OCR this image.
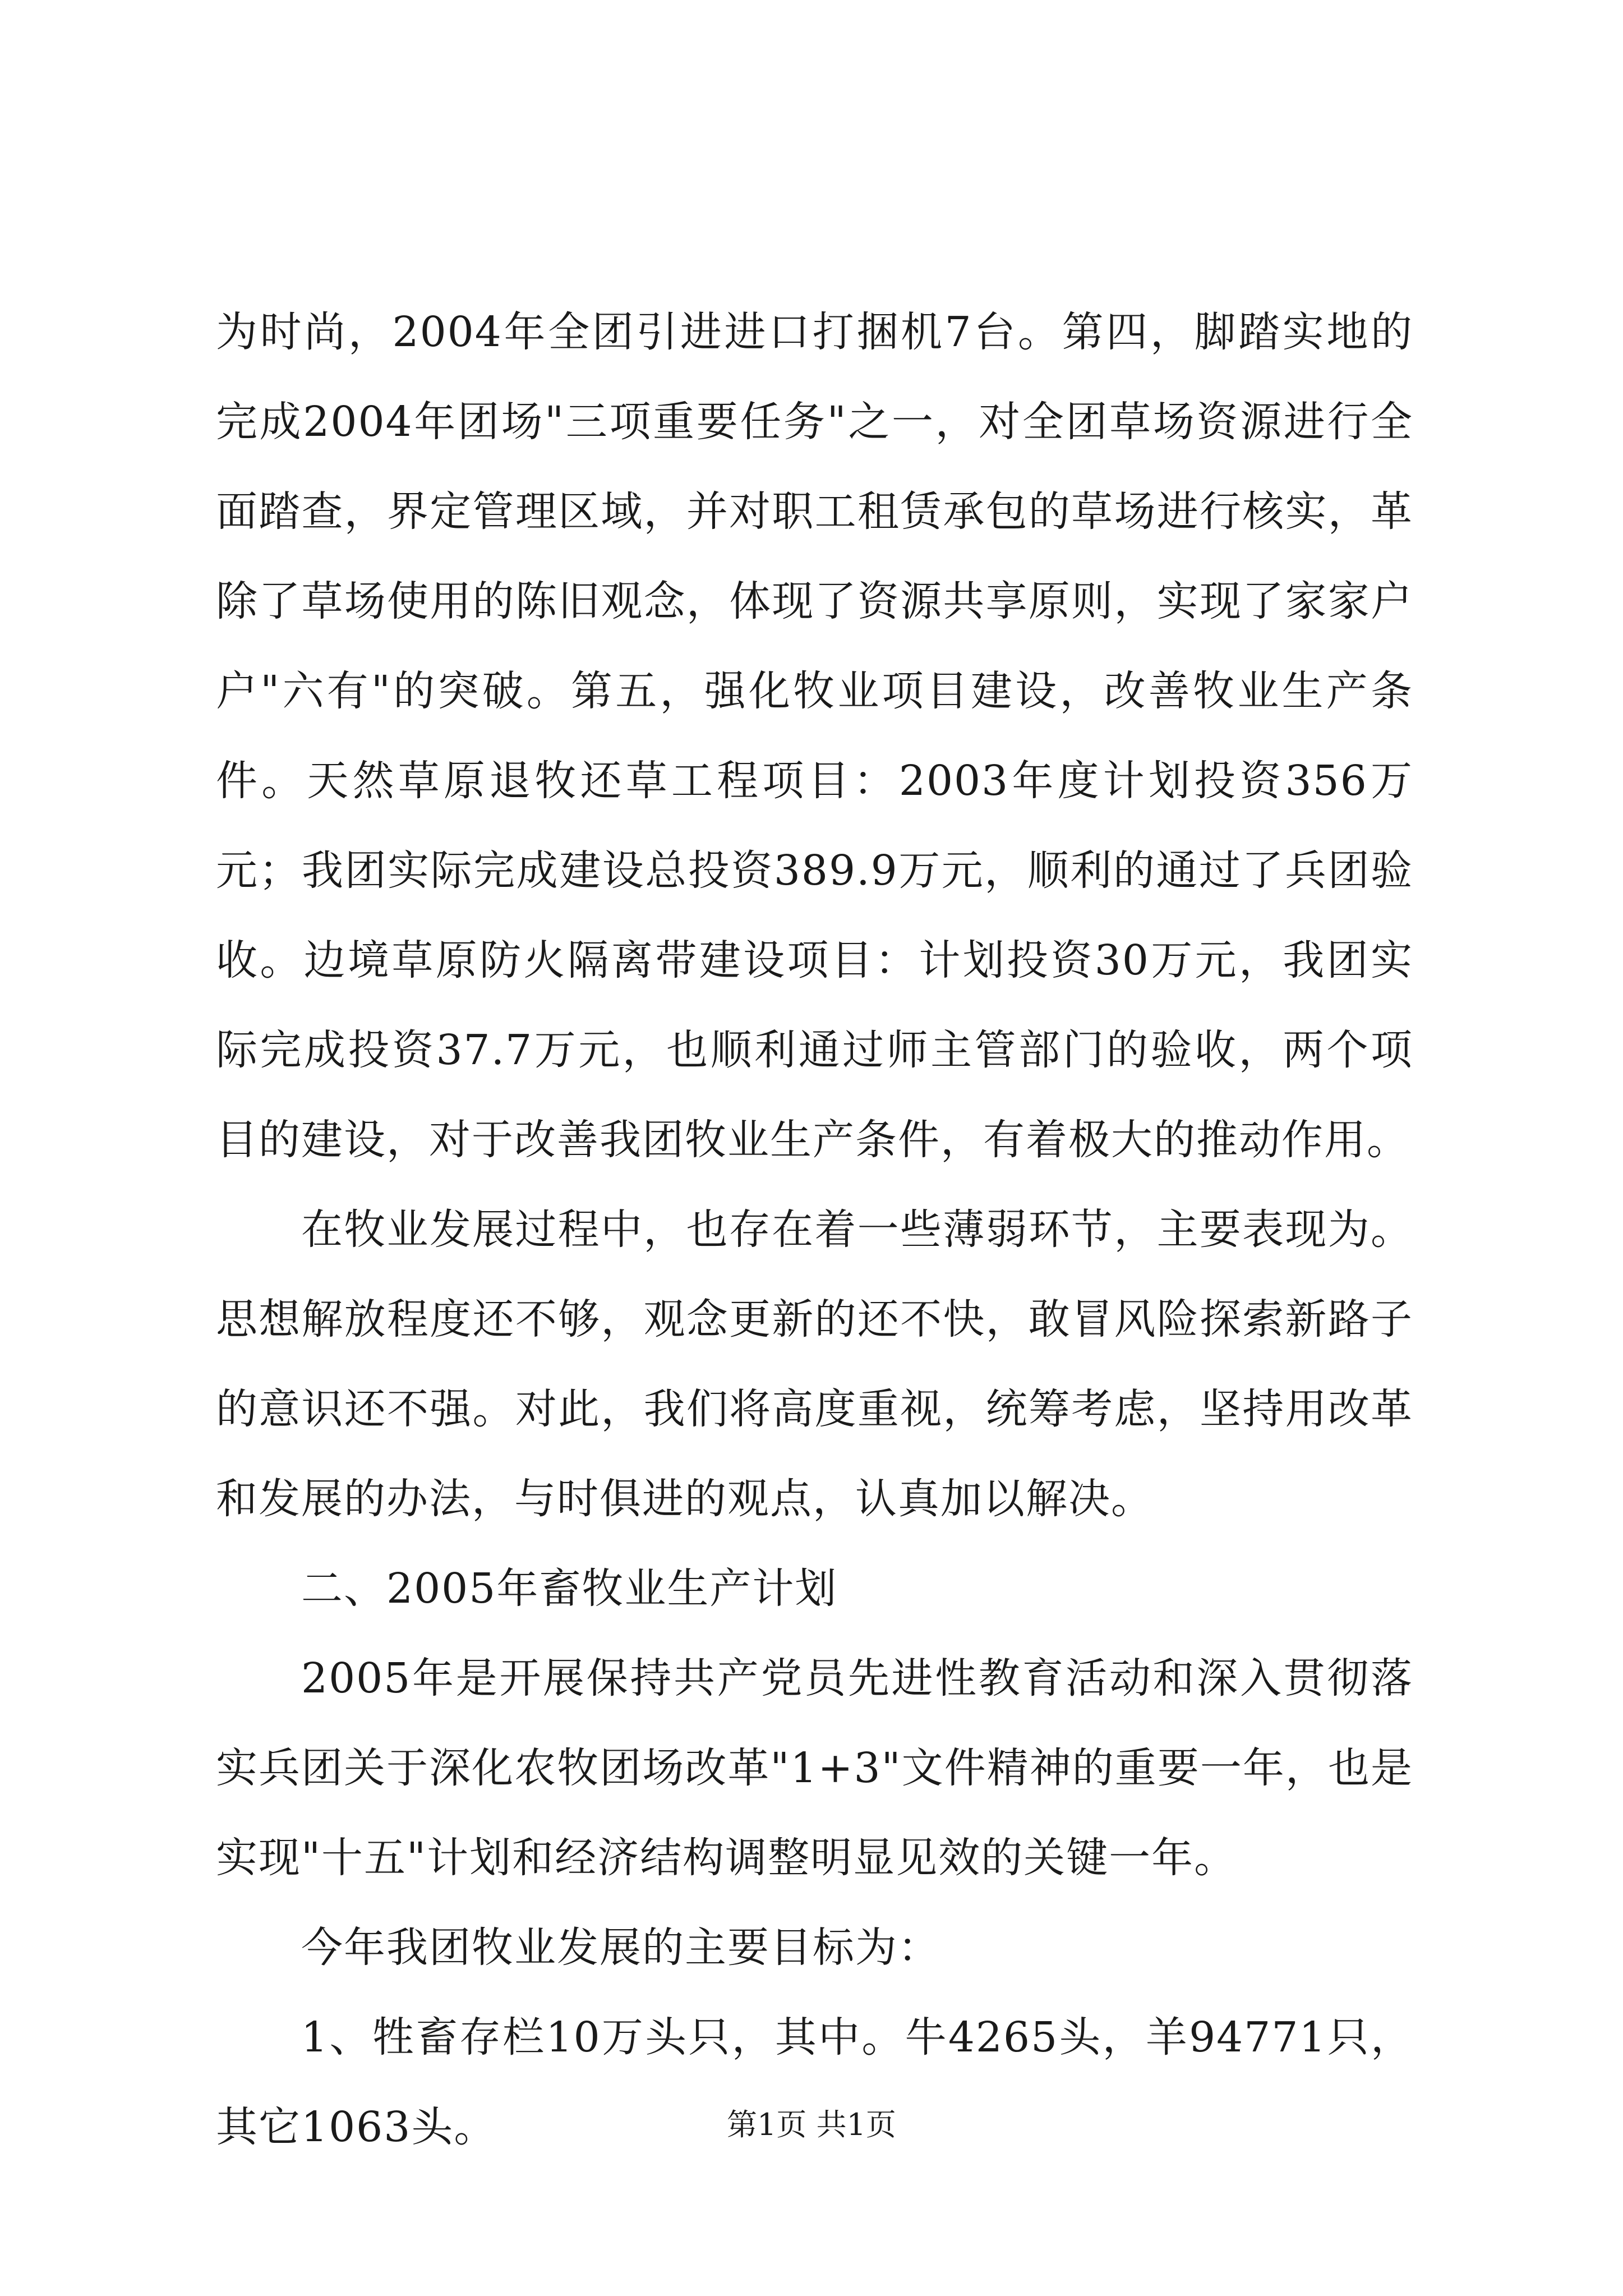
为时尚，2004年全团引进进口打捆机7台。第四，脚踏实地的完成2004年团场"三项重要任务"之一，对全团草场资源进行全面踏查，界定管理区域，并对职工租赁承包的草场进行核实，革除了草场使用的陈旧观念，体现了资源共享原则，实现了家家户户"六有"的突破。第五，强化牧业项目建设，改善牧业生产条件。天然草原退牧还草工程项目：2003年度计划投资356万元；我团实际完成建设总投资389.9万元，顺利的通过了兵团验收。边境草原防火隔离带建设项目：计划投资30万元，我团实际完成投资37.7万元，也顺利通过师主管部门的验收，两个项目的建设，对于改善我团牧业生产条件，有着极大的推动作用。

在牧业发展过程中，也存在着一些薄弱环节，主要表现为。思想解放程度还不够，观念更新的还不快，敢冒风险探索新路子的意识还不强。对此，我们将高度重视，统筹考虑，坚持用改革和发展的办法，与时俱进的观点，认真加以解决。

二、2005年畜牧业生产计划

2005年是开展保持共产党员先进性教育活动和深入贯彻落实兵团关于深化农牧团场改革"1+3"文件精神的重要一年，也是实现"十五"计划和经济结构调整明显见效的关键一年。

今年我团牧业发展的主要目标为：

1、牲畜存栏10万头只，其中。牛4265头，羊94771只，其它1063头。	第1页 共1页
